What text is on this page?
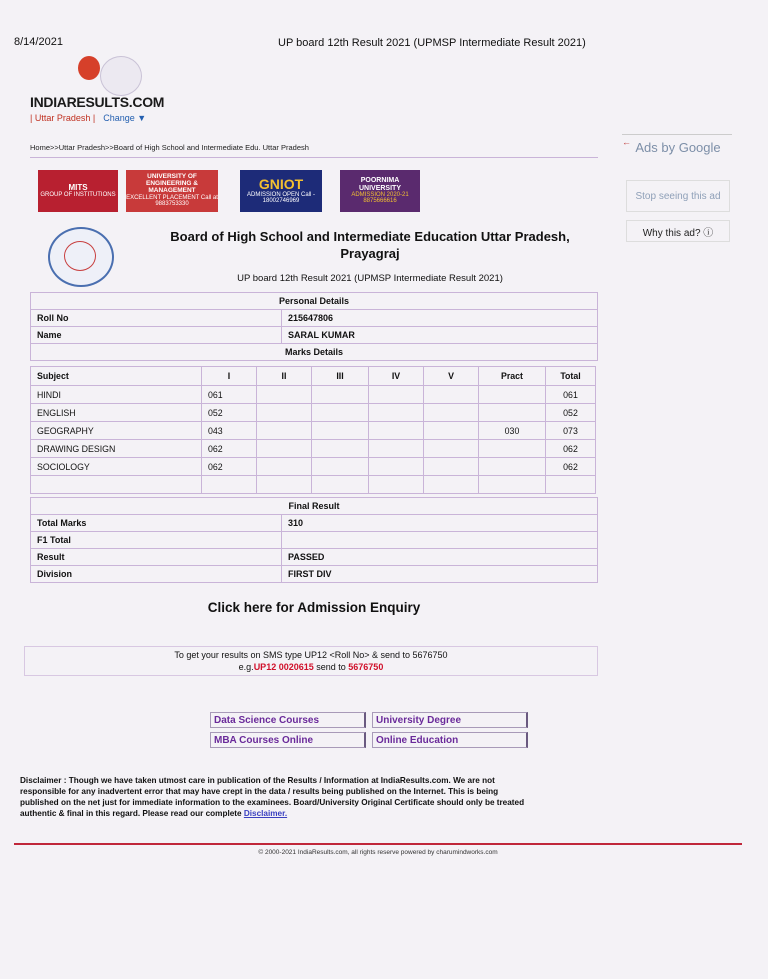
8/14/2021	UP board 12th Result 2021 (UPMSP Intermediate Result 2021)
INDIARESULTS.COM
| Uttar Pradesh | Change ▼
Home>>Uttar Pradesh>>Board of High School and Intermediate Edu. Uttar Pradesh
MITS
GROUP OF INSTITUTIONS
UNIVERSITY OF ENGINEERING & MANAGEMENT
EXCELLENT PLACEMENT Call at 9883753330
GNIOT
ADMISSION OPEN Call - 18002746969
POORNIMA UNIVERSITY
ADMISSION 2020-21 8875666616
← Ads by Google
Stop seeing this ad
Why this ad? ⓘ
Board of High School and Intermediate Education Uttar Pradesh, Prayagraj
UP board 12th Result 2021 (UPMSP Intermediate Result 2021)
Personal Details	
Roll No	215647806
Name	SARAL KUMAR
Marks Details	
Subject	I	II	III	IV	V	Pract	Total
HINDI	061						061
ENGLISH	052						052
GEOGRAPHY	043					030	073
DRAWING DESIGN	062						062
SOCIOLOGY	062						062

Final Result	
Total Marks	310
F1 Total	
Result	PASSED
Division	FIRST DIV
Click here for Admission Enquiry
To get your results on SMS type UP12 <Roll No> & send to 5676750
e.g.UP12 0020615 send to 5676750
Data Science Courses	University Degree
MBA Courses Online	Online Education
Disclaimer : Though we have taken utmost care in publication of the Results / Information at IndiaResults.com. We are not responsible for any inadvertent error that may have crept in the data / results being published on the Internet. This is being published on the net just for immediate information to the examinees. Board/University Original Certificate should only be treated authentic & final in this regard. Please read our complete Disclaimer.
© 2000-2021 IndiaResults.com, all rights reserve powered by charumindworks.com
